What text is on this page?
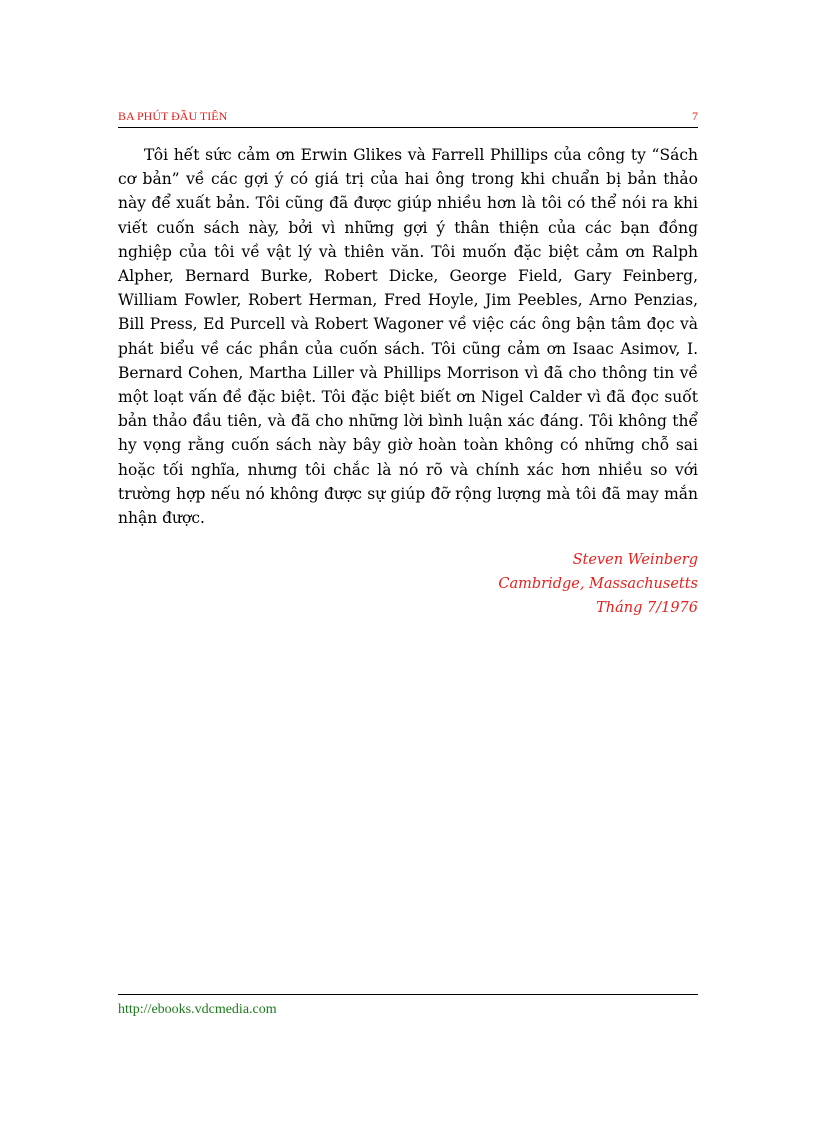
BA PHÚT ĐẦU TIÊN	7

Tôi hết sức cảm ơn Erwin Glikes và Farrell Phillips của công ty “Sách cơ bản” về các gợi ý có giá trị của hai ông trong khi chuẩn bị bản thảo này để xuất bản. Tôi cũng đã được giúp nhiều hơn là tôi có thể nói ra khi viết cuốn sách này, bởi vì những gợi ý thân thiện của các bạn đồng nghiệp của tôi về vật lý và thiên văn. Tôi muốn đặc biệt cảm ơn Ralph Alpher, Bernard Burke, Robert Dicke, George Field, Gary Feinberg, William Fowler, Robert Herman, Fred Hoyle, Jim Peebles, Arno Penzias, Bill Press, Ed Purcell và Robert Wagoner về việc các ông bận tâm đọc và phát biểu về các phần của cuốn sách. Tôi cũng cảm ơn Isaac Asimov, I. Bernard Cohen, Martha Liller và Phillips Morrison vì đã cho thông tin về một loạt vấn đề đặc biệt. Tôi đặc biệt biết ơn Nigel Calder vì đã đọc suốt bản thảo đầu tiên, và đã cho những lời bình luận xác đáng. Tôi không thể hy vọng rằng cuốn sách này bây giờ hoàn toàn không có những chỗ sai hoặc tối nghĩa, nhưng tôi chắc là nó rõ và chính xác hơn nhiều so với trường hợp nếu nó không được sự giúp đỡ rộng lượng mà tôi đã may mắn nhận được.

Steven Weinberg
Cambridge, Massachusetts
Tháng 7/1976
http://ebooks.vdcmedia.com
